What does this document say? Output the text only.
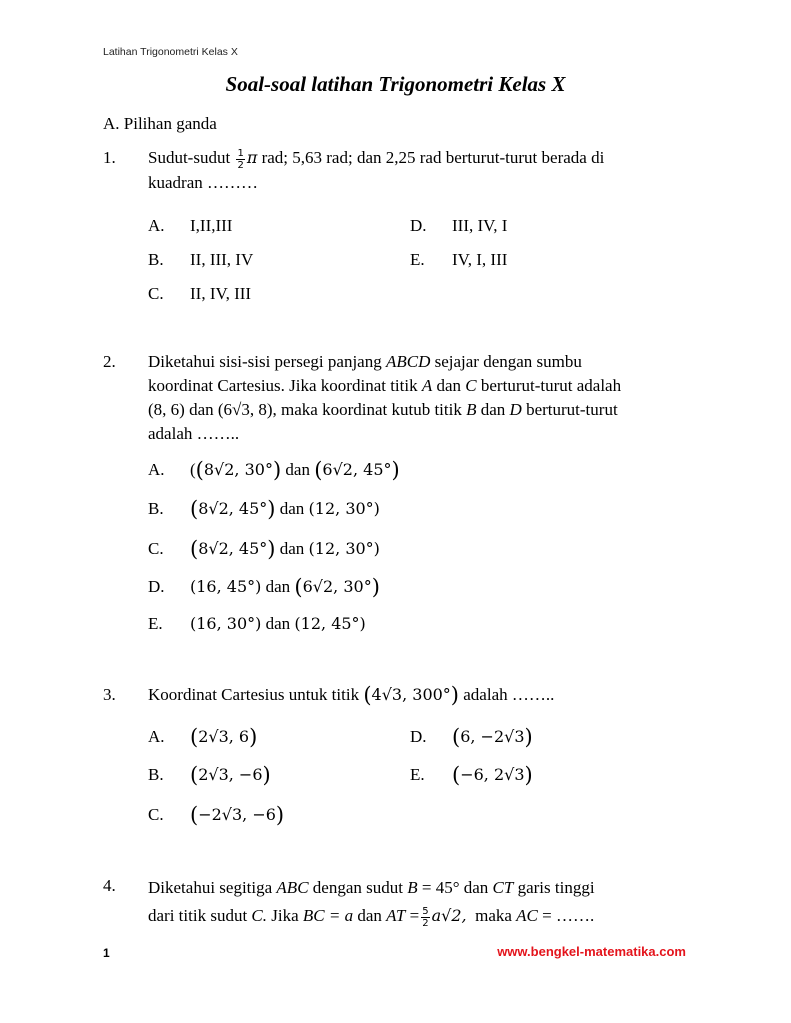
Latihan Trigonometri Kelas X
Soal-soal latihan Trigonometri Kelas X
A. Pilihan ganda
1. Sudut-sudut $\frac{1}{2}$ π rad; 5,63 rad; dan 2,25 rad berturut-turut berada di
kuadran ………
A. I,II,III
B. II, III, IV
C. II, IV, III
D. III, IV, I
E. IV, I, III
2. Diketahui sisi-sisi persegi panjang ABCD sejajar dengan sumbu
koordinat Cartesius. Jika koordinat titik A dan C berturut-turut adalah
(8, 6) dan (6√3, 8), maka koordinat kutub titik B dan D berturut-turut
adalah ……..
A. ((8√2, 30°) dan (6√2, 45°)
B. (8√2, 45°) dan (12, 30°)
C. (8√2, 45°) dan (12, 30°)
D. (16, 45°) dan (6√2, 30°)
E. (16, 30°) dan (12, 45°)
3. Koordinat Cartesius untuk titik (4√3, 300°) adalah ……..
A. (2√3, 6)
B. (2√3, −6)
C. (−2√3, −6)
D. (6, −2√3)
E. (−6, 2√3)
4. Diketahui segitiga ABC dengan sudut B = 45° dan CT garis tinggi
dari titik sudut C. Jika BC = a dan AT = $\frac{5}{2} a√2$, maka AC = …….
1	www.bengkel-matematika.com
